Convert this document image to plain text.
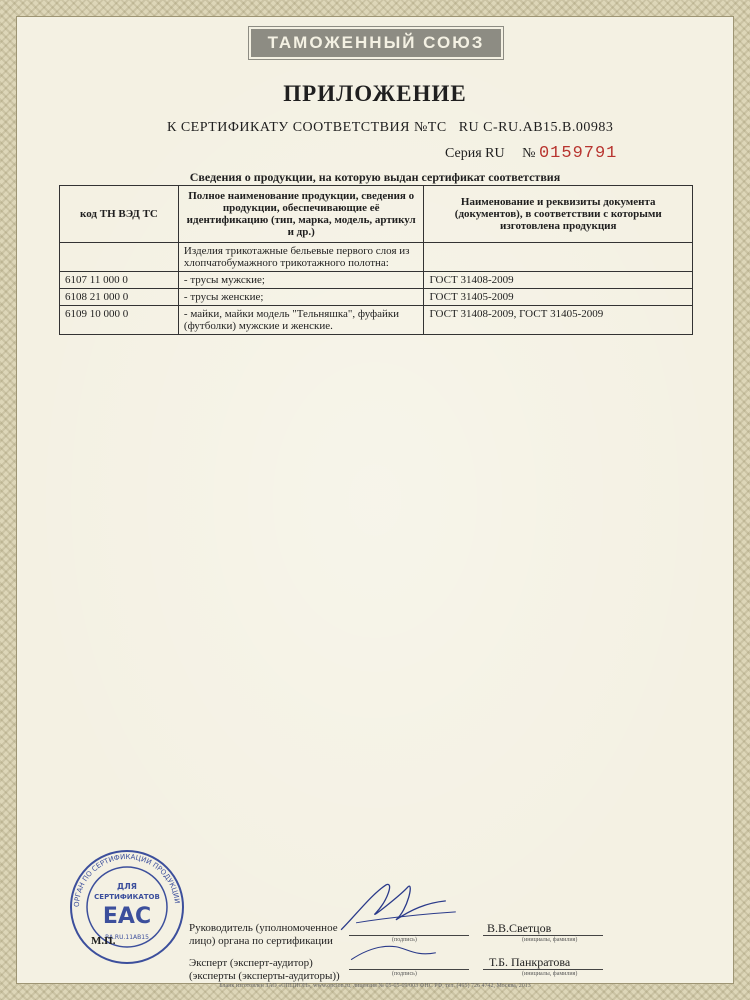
ТАМОЖЕННЫЙ СОЮЗ
ПРИЛОЖЕНИЕ
К СЕРТИФИКАТУ СООТВЕТСТВИЯ №ТС RU C-RU.AB15.B.00983
Серия RU № 0159791
Сведения о продукции, на которую выдан сертификат соответствия
код ТН ВЭД ТС	Полное наименование продукции, сведения о продукции, обеспечивающие её идентификацию (тип, марка, модель, артикул и др.)	Наименование и реквизиты документа (документов), в соответствии с которыми изготовлена продукция
	Изделия трикотажные бельевые первого слоя из хлопчатобумажного трикотажного полотна:	
6107 11 000 0	- трусы мужские;	ГОСТ 31408-2009
6108 21 000 0	- трусы женские;	ГОСТ 31405-2009
6109 10 000 0	- майки, майки модель "Тельняшка", фуфайки (футболки) мужские и женские.	ГОСТ 31408-2009, ГОСТ 31405-2009
ОРГАН ПО СЕРТИФИКАЦИИ ПРОДУКЦИИ
ДЛЯ
СЕРТИФИКАТОВ
EAC
RA.RU.11АВ15
М.П.
Руководитель (уполномоченное
лицо) органа по сертификации
Эксперт (эксперт-аудитор)
(эксперты (эксперты-аудиторы))
(подпись)
(подпись)
В.В.Светцов
(инициалы, фамилия)
Т.Б. Панкратова
(инициалы, фамилия)
Бланк изготовлен ЗАО «ОПЦИОН», www.opcion.ru, лицензия № 05-05-09/003 ФНС РФ, тел. (495) 726 4742, Москва, 2013
